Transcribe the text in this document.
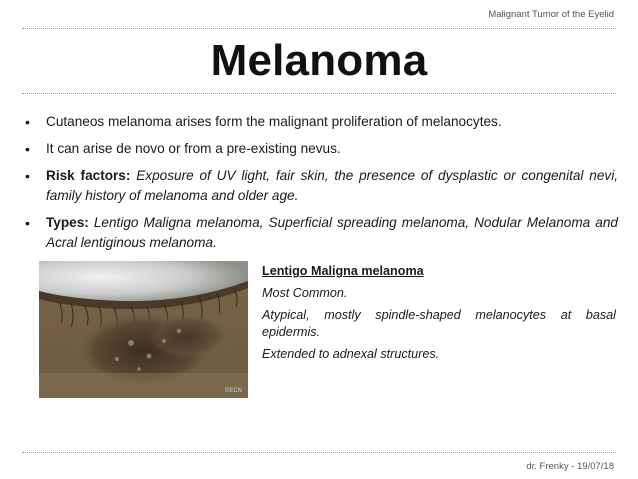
Malignant Tumor of the Eyelid
Melanoma
• Cutaneos melanoma arises form the malignant proliferation of melanocytes.
• It can arise de novo or from a pre-existing nevus.
• Risk factors: Exposure of UV light, fair skin, the presence of dysplastic or congenital nevi, family history of melanoma and older age.
• Types: Lentigo Maligna melanoma, Superficial spreading melanoma, Nodular Melanoma and Acral lentiginous melanoma.
©ECN
Lentigo Maligna melanoma

Most Common.

Atypical, mostly spindle-shaped melanocytes at basal epidermis.

Extended to adnexal structures.

dr. Frenky - 19/07/18
